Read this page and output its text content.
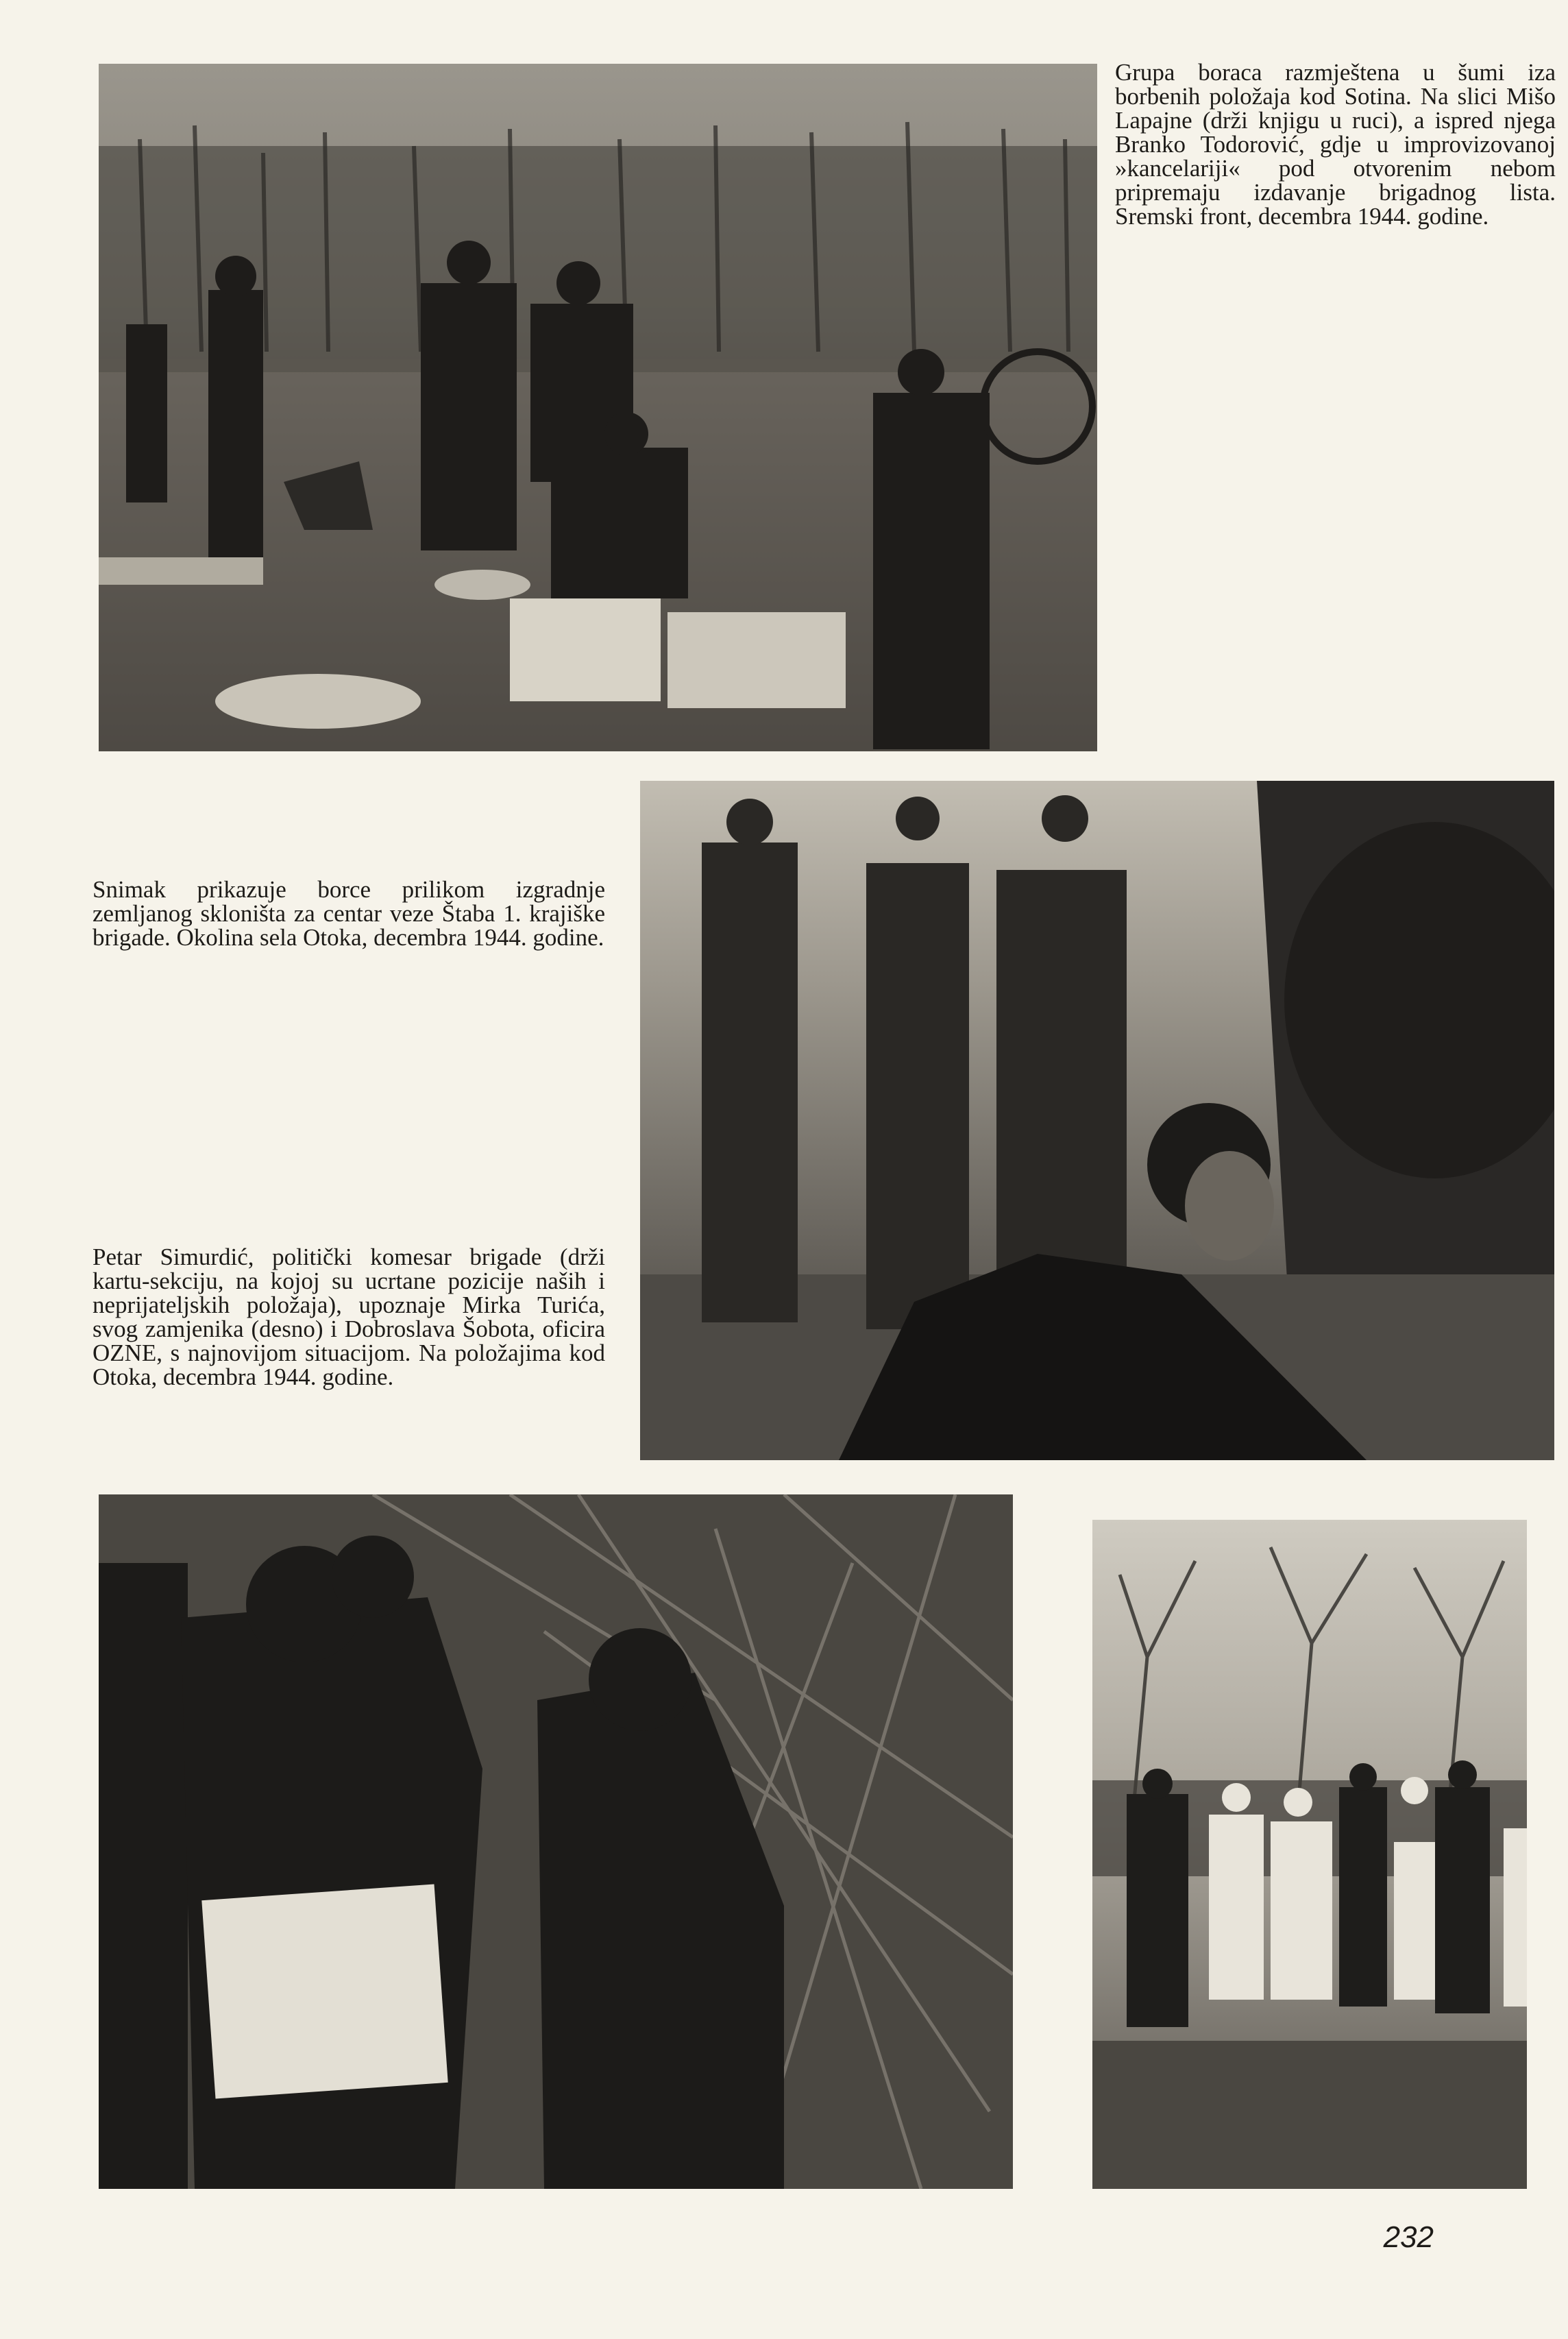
Grupa boraca razmještena u šumi iza borbenih položaja kod Sotina. Na slici Mišo Lapajne (drži knjigu u ruci), a ispred njega Branko Todorović, gdje u improvizovanoj »kancelariji« pod otvorenim nebom pripremaju izdavanje brigadnog lista. Sremski front, decembra 1944. godine.
Snimak prikazuje borce prilikom izgradnje zemljanog skloništa za centar veze Štaba 1. krajiške brigade. Okolina sela Otoka, decembra 1944. godine.
Petar Simurdić, politički komesar brigade (drži kartu-sekciju, na kojoj su ucrtane pozicije naših i neprijateljskih položaja), upoznaje Mirka Turića, svog zamjenika (desno) i Dobroslava Šobota, oficira OZNE, s najnovijom situacijom. Na položajima kod Otoka, decembra 1944. godine.
232
